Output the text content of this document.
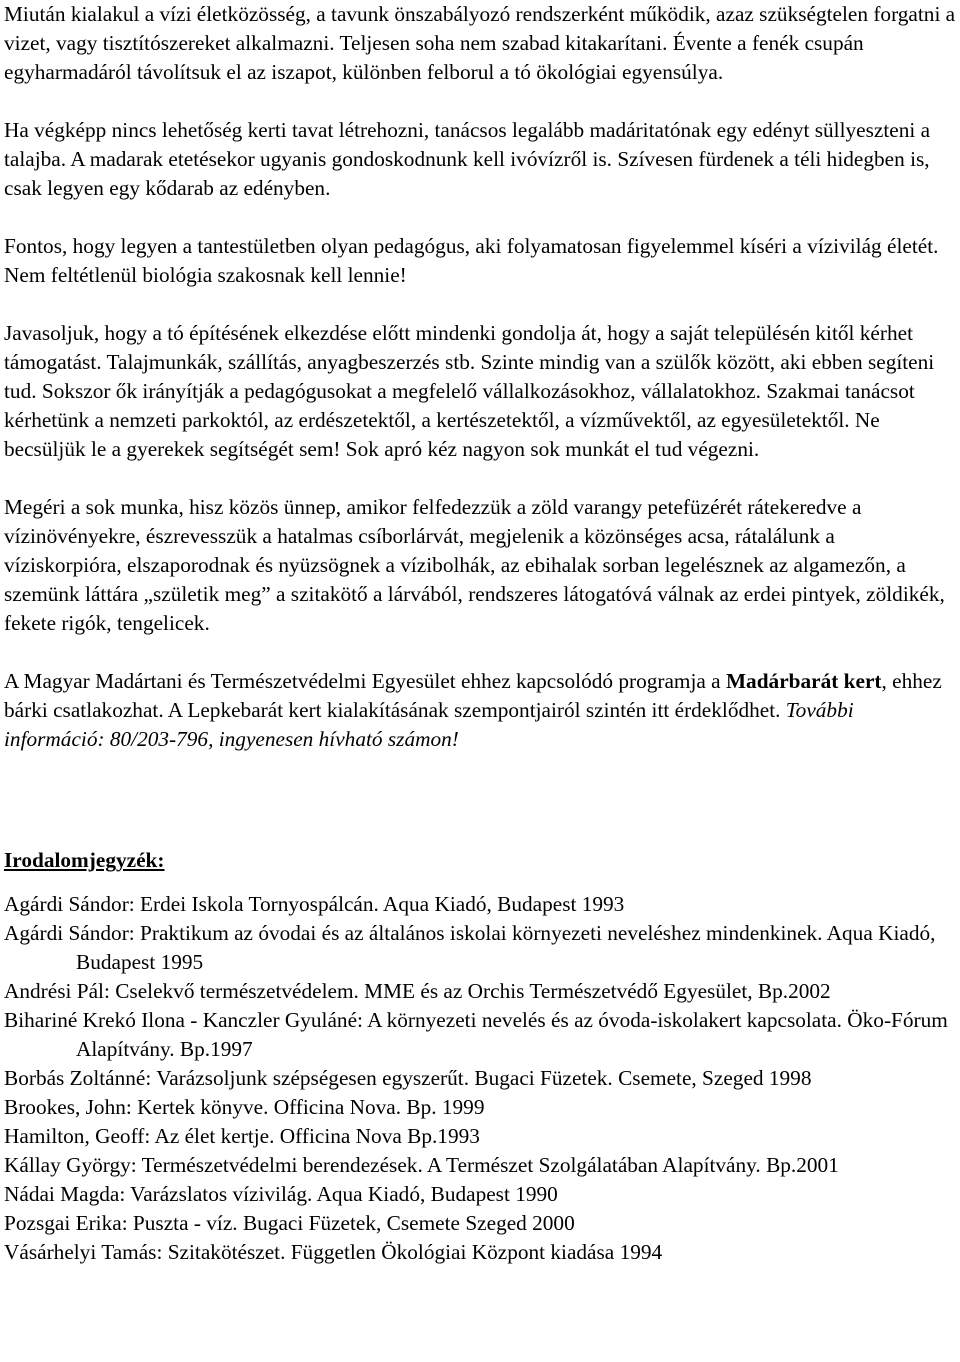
Miután kialakul a vízi életközösség, a tavunk önszabályozó rendszerként működik, azaz szükségtelen forgatni a vizet, vagy tisztítószereket alkalmazni. Teljesen soha nem szabad kitakarítani. Évente a fenék csupán egyharmadáról távolítsuk el az iszapot, különben felborul a tó ökológiai egyensúlya.

Ha végképp nincs lehetőség kerti tavat létrehozni, tanácsos legalább madáritatónak egy edényt süllyeszteni a talajba. A madarak etetésekor ugyanis gondoskodnunk kell ivóvízről is. Szívesen fürdenek a téli hidegben is, csak legyen egy kődarab az edényben.

Fontos, hogy legyen a tantestületben olyan pedagógus, aki folyamatosan figyelemmel kíséri a vízivilág életét. Nem feltétlenül biológia szakosnak kell lennie!

Javasoljuk, hogy a tó építésének elkezdése előtt mindenki gondolja át, hogy a saját településén kitől kérhet támogatást. Talajmunkák, szállítás, anyagbeszerzés stb. Szinte mindig van a szülők között, aki ebben segíteni tud. Sokszor ők irányítják a pedagógusokat a megfelelő vállalkozásokhoz, vállalatokhoz. Szakmai tanácsot kérhetünk a nemzeti parkoktól, az erdészetektől, a kertészetektől, a vízművektől, az egyesületektől. Ne becsüljük le a gyerekek segítségét sem! Sok apró kéz nagyon sok munkát el tud végezni.

Megéri a sok munka, hisz közös ünnep, amikor felfedezzük a zöld varangy petefüzérét rátekeredve a vízinövényekre, észrevesszük a hatalmas csíborlárvát, megjelenik a közönséges acsa, rátalálunk a víziskorpióra, elszaporodnak és nyüzsögnek a vízibolhák, az ebihalak sorban legelésznek az algamezőn, a szemünk láttára „születik meg” a szitakötő a lárvából, rendszeres látogatóvá válnak az erdei pintyek, zöldikék, fekete rigók, tengelicek.

A Magyar Madártani és Természetvédelmi Egyesület ehhez kapcsolódó programja a Madárbarát kert, ehhez bárki csatlakozhat. A Lepkebarát kert kialakításának szempontjairól szintén itt érdeklődhet. További információ: 80/203-796, ingyenesen hívható számon!

Irodalomjegyzék:

Agárdi Sándor: Erdei Iskola Tornyospálcán. Aqua Kiadó, Budapest 1993
Agárdi Sándor: Praktikum az óvodai és az általános iskolai környezeti neveléshez mindenkinek. Aqua Kiadó, Budapest 1995
Andrési Pál: Cselekvő természetvédelem. MME és az Orchis Természetvédő Egyesület, Bp.2002
Bihariné Krekó Ilona - Kanczler Gyuláné: A környezeti nevelés és az óvoda-iskolakert kapcsolata. Öko-Fórum Alapítvány. Bp.1997
Borbás Zoltánné: Varázsoljunk szépségesen egyszerűt. Bugaci Füzetek. Csemete, Szeged 1998
Brookes, John: Kertek könyve. Officina Nova. Bp. 1999
Hamilton, Geoff: Az élet kertje. Officina Nova Bp.1993
Kállay György: Természetvédelmi berendezések. A Természet Szolgálatában Alapítvány. Bp.2001
Nádai Magda: Varázslatos vízivilág. Aqua Kiadó, Budapest 1990
Pozsgai Erika: Puszta - víz. Bugaci Füzetek, Csemete Szeged 2000
Vásárhelyi Tamás: Szitakötészet. Független Ökológiai Központ kiadása 1994
